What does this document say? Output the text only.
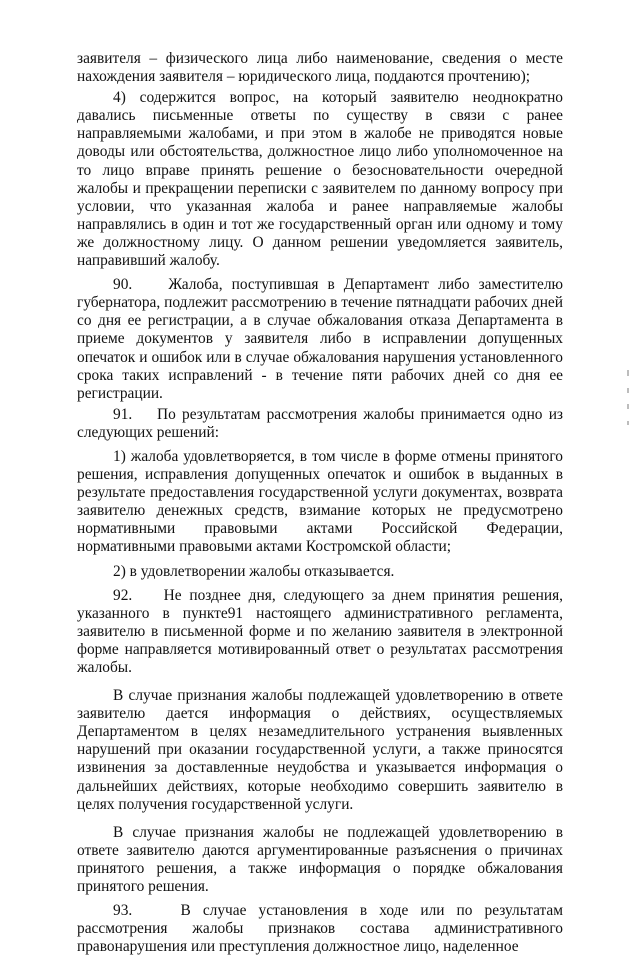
заявителя – физического лица либо наименование, сведения о месте нахождения заявителя – юридического лица, поддаются прочтению);

4) содержится вопрос, на который заявителю неоднократно давались письменные ответы по существу в связи с ранее направляемыми жалобами, и при этом в жалобе не приводятся новые доводы или обстоятельства, должностное лицо либо уполномоченное на то лицо вправе принять решение о безосновательности очередной жалобы и прекращении переписки с заявителем по данному вопросу при условии, что указанная жалоба и ранее направляемые жалобы направлялись в один и тот же государственный орган или одному и тому же должностному лицу. О данном решении уведомляется заявитель, направивший жалобу.

90. Жалоба, поступившая в Департамент либо заместителю губернатора, подлежит рассмотрению в течение пятнадцати рабочих дней со дня ее регистрации, а в случае обжалования отказа Департамента в приеме документов у заявителя либо в исправлении допущенных опечаток и ошибок или в случае обжалования нарушения установленного срока таких исправлений - в течение пяти рабочих дней со дня ее регистрации.

91. По результатам рассмотрения жалобы принимается одно из следующих решений:

1) жалоба удовлетворяется, в том числе в форме отмены принятого решения, исправления допущенных опечаток и ошибок в выданных в результате предоставления государственной услуги документах, возврата заявителю денежных средств, взимание которых не предусмотрено нормативными правовыми актами Российской Федерации, нормативными правовыми актами Костромской области;

2) в удовлетворении жалобы отказывается.

92. Не позднее дня, следующего за днем принятия решения, указанного в пункте91 настоящего административного регламента, заявителю в письменной форме и по желанию заявителя в электронной форме направляется мотивированный ответ о результатах рассмотрения жалобы.

В случае признания жалобы подлежащей удовлетворению в ответе заявителю дается информация о действиях, осуществляемых Департаментом в целях незамедлительного устранения выявленных нарушений при оказании государственной услуги, а также приносятся извинения за доставленные неудобства и указывается информация о дальнейших действиях, которые необходимо совершить заявителю в целях получения государственной услуги.

В случае признания жалобы не подлежащей удовлетворению в ответе заявителю даются аргументированные разъяснения о причинах принятого решения, а также информация о порядке обжалования принятого решения.

93.	В случае установления в ходе или по результатам рассмотрения жалобы признаков состава административного правонарушения или преступления должностное лицо, наделенное
